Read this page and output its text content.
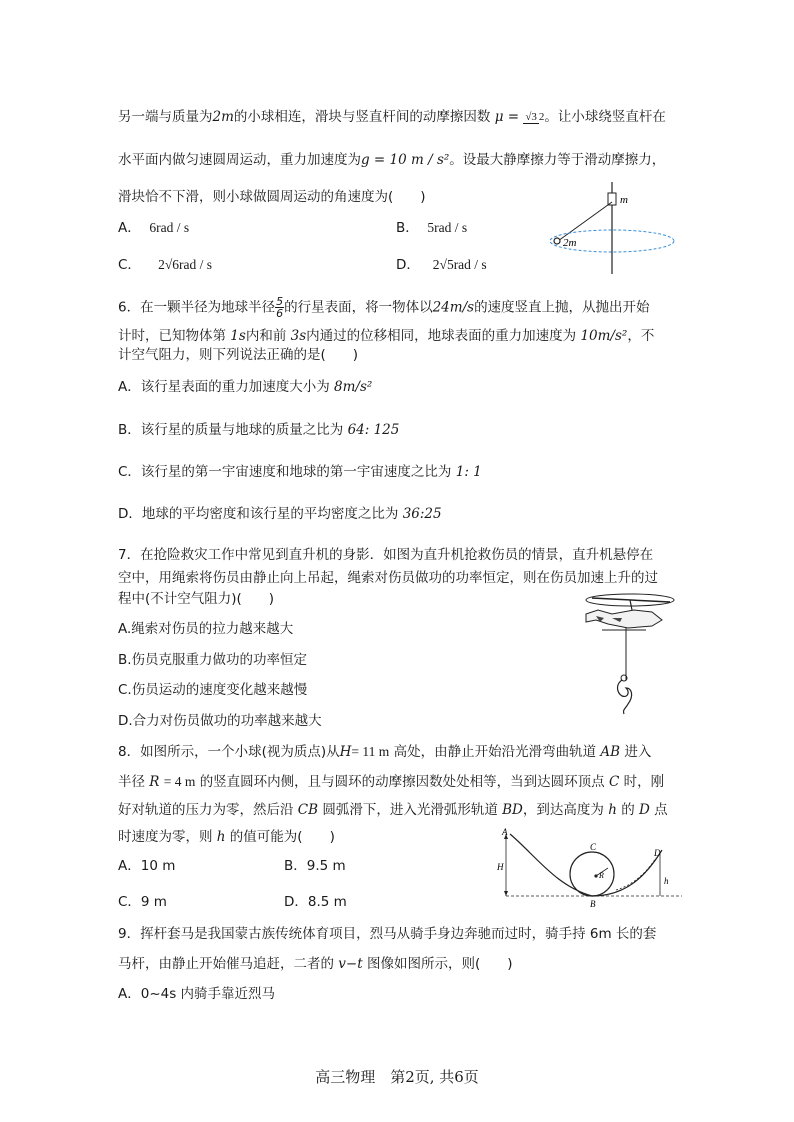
另一端与质量为2m的小球相连，滑块与竖直杆间的动摩擦因数 μ = √3 2。让小球绕竖直杆在
水平面内做匀速圆周运动，重力加速度为g = 10 m / s²。设最大静摩擦力等于滑动摩擦力，
滑块恰不下滑，则小球做圆周运动的角速度为(　　)
A． 6rad / s	B． 5rad / s
C． 2√6rad / s	D． 2√5rad / s
m
2m
6．在一颗半径为地球半径 $\frac{5}{6}$ 的行星表面，将一物体以24m/s的速度竖直上抛，从抛出开始
计时，已知物体第 1s内和前 3s内通过的位移相同，地球表面的重力加速度为 10m/s²，不
计空气阻力，则下列说法正确的是(　　)
A．该行星表面的重力加速度大小为 8m/s²
B．该行星的质量与地球的质量之比为 64: 125
C．该行星的第一宇宙速度和地球的第一宇宙速度之比为 1: 1
D．地球的平均密度和该行星的平均密度之比为 36:25
7．在抢险救灾工作中常见到直升机的身影．如图为直升机抢救伤员的情景，直升机悬停在
空中，用绳索将伤员由静止向上吊起，绳索对伤员做功的功率恒定，则在伤员加速上升的过
程中(不计空气阻力)(　　)
A.绳索对伤员的拉力越来越大
B.伤员克服重力做功的功率恒定
C.伤员运动的速度变化越来越慢
D.合力对伤员做功的功率越来越大
8．如图所示，一个小球(视为质点)从H= 11 m 高处，由静止开始沿光滑弯曲轨道 AB 进入
半径 R = 4 m 的竖直圆环内侧，且与圆环的动摩擦因数处处相等，当到达圆环顶点 C 时，刚
好对轨道的压力为零，然后沿 CB 圆弧滑下，进入光滑弧形轨道 BD，到达高度为 h 的 D 点
时速度为零，则 h 的值可能为(　　)
A．10 m	B．9.5 m
C．9 m	D．8.5 m
A
H
C
R
B
D
h
9．挥杆套马是我国蒙古族传统体育项目，烈马从骑手身边奔驰而过时，骑手持 6m 长的套
马杆，由静止开始催马追赶，二者的 v−t 图像如图所示，则(　　)
A．0~4s 内骑手靠近烈马
高三物理　第2页, 共6页
